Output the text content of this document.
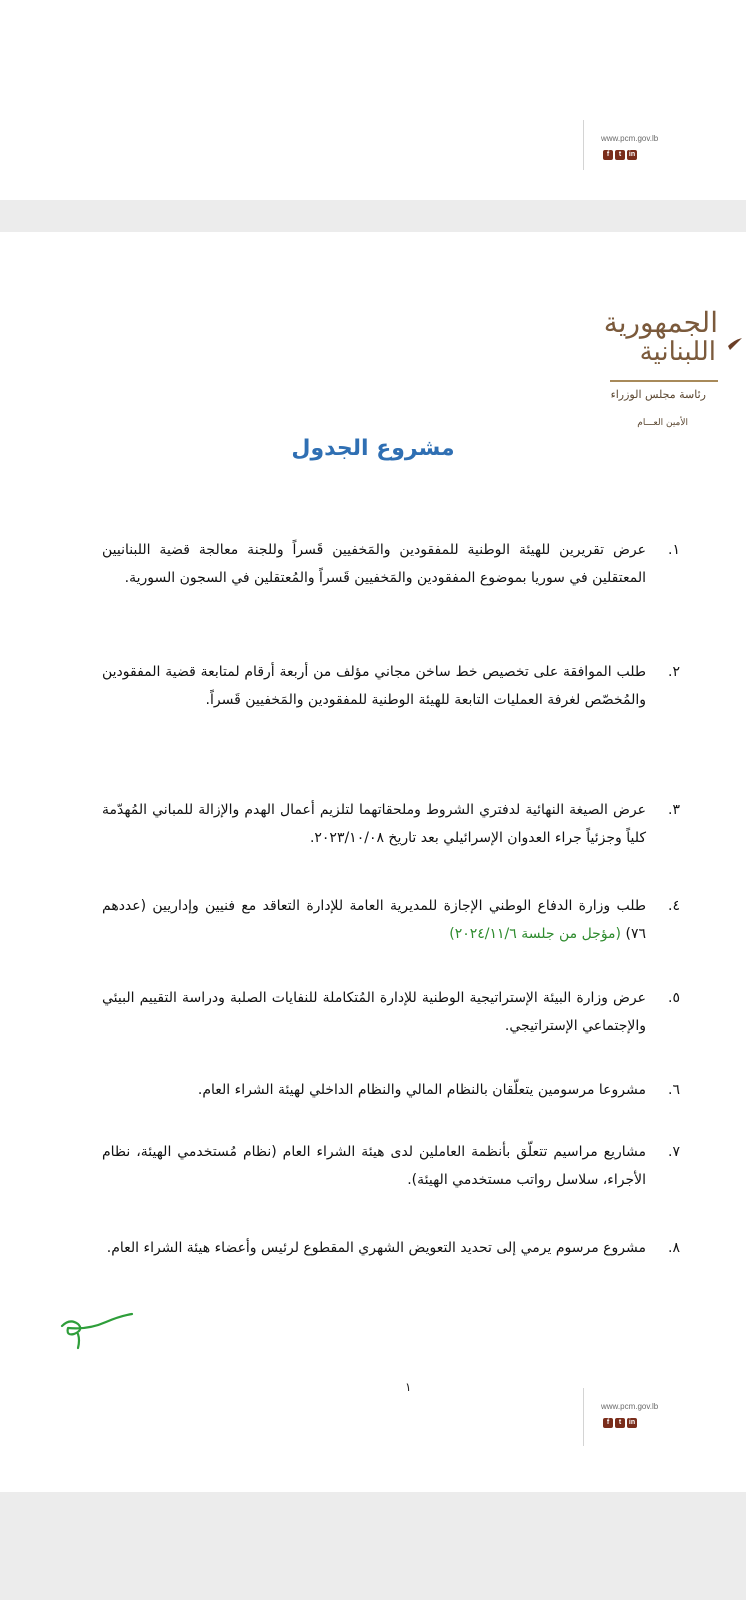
www.pcm.gov.lb
f	t	in
الجمهورية
اللبنانية
رئاسة مجلس الوزراء
الأمين العـــام
مشروع الجدول
١.
عرض تقريرين للهيئة الوطنية للمفقودين والمَخفيين قَسراً وللجنة معالجة قضية اللبنانيين المعتقلين في سوريا بموضوع المفقودين والمَخفيين قَسراً والمُعتقلين في السجون السورية.
٢.
طلب الموافقة على تخصيص خط ساخن مجاني مؤلف من أربعة أرقام لمتابعة قضية المفقودين والمُخصّص لغرفة العمليات التابعة للهيئة الوطنية للمفقودين والمَخفيين قَسراً.
٣.
عرض الصيغة النهائية لدفتري الشروط وملحقاتهما لتلزيم أعمال الهدم والإزالة للمباني المُهدّمة كلياً وجزئياً جراء العدوان الإسرائيلي بعد تاريخ ٢٠٢٣/١٠/٠٨.
٤.
طلب وزارة الدفاع الوطني الإجازة للمديرية العامة للإدارة التعاقد مع فنيين وإداريين (عددهم ٧٦) (مؤجل من جلسة ٢٠٢٤/١١/٦)
٥.
عرض وزارة البيئة الإستراتيجية الوطنية للإدارة المُتكاملة للنفايات الصلبة ودراسة التقييم البيئي والإجتماعي الإستراتيجي.
٦.
مشروعا مرسومين يتعلّقان بالنظام المالي والنظام الداخلي لهيئة الشراء العام.
٧.
مشاريع مراسيم تتعلّق بأنظمة العاملين لدى هيئة الشراء العام (نظام مُستخدمي الهيئة، نظام الأجراء، سلاسل رواتب مستخدمي الهيئة).
٨.
مشروع مرسوم يرمي إلى تحديد التعويض الشهري المقطوع لرئيس وأعضاء هيئة الشراء العام.
١
www.pcm.gov.lb
f	t	in
